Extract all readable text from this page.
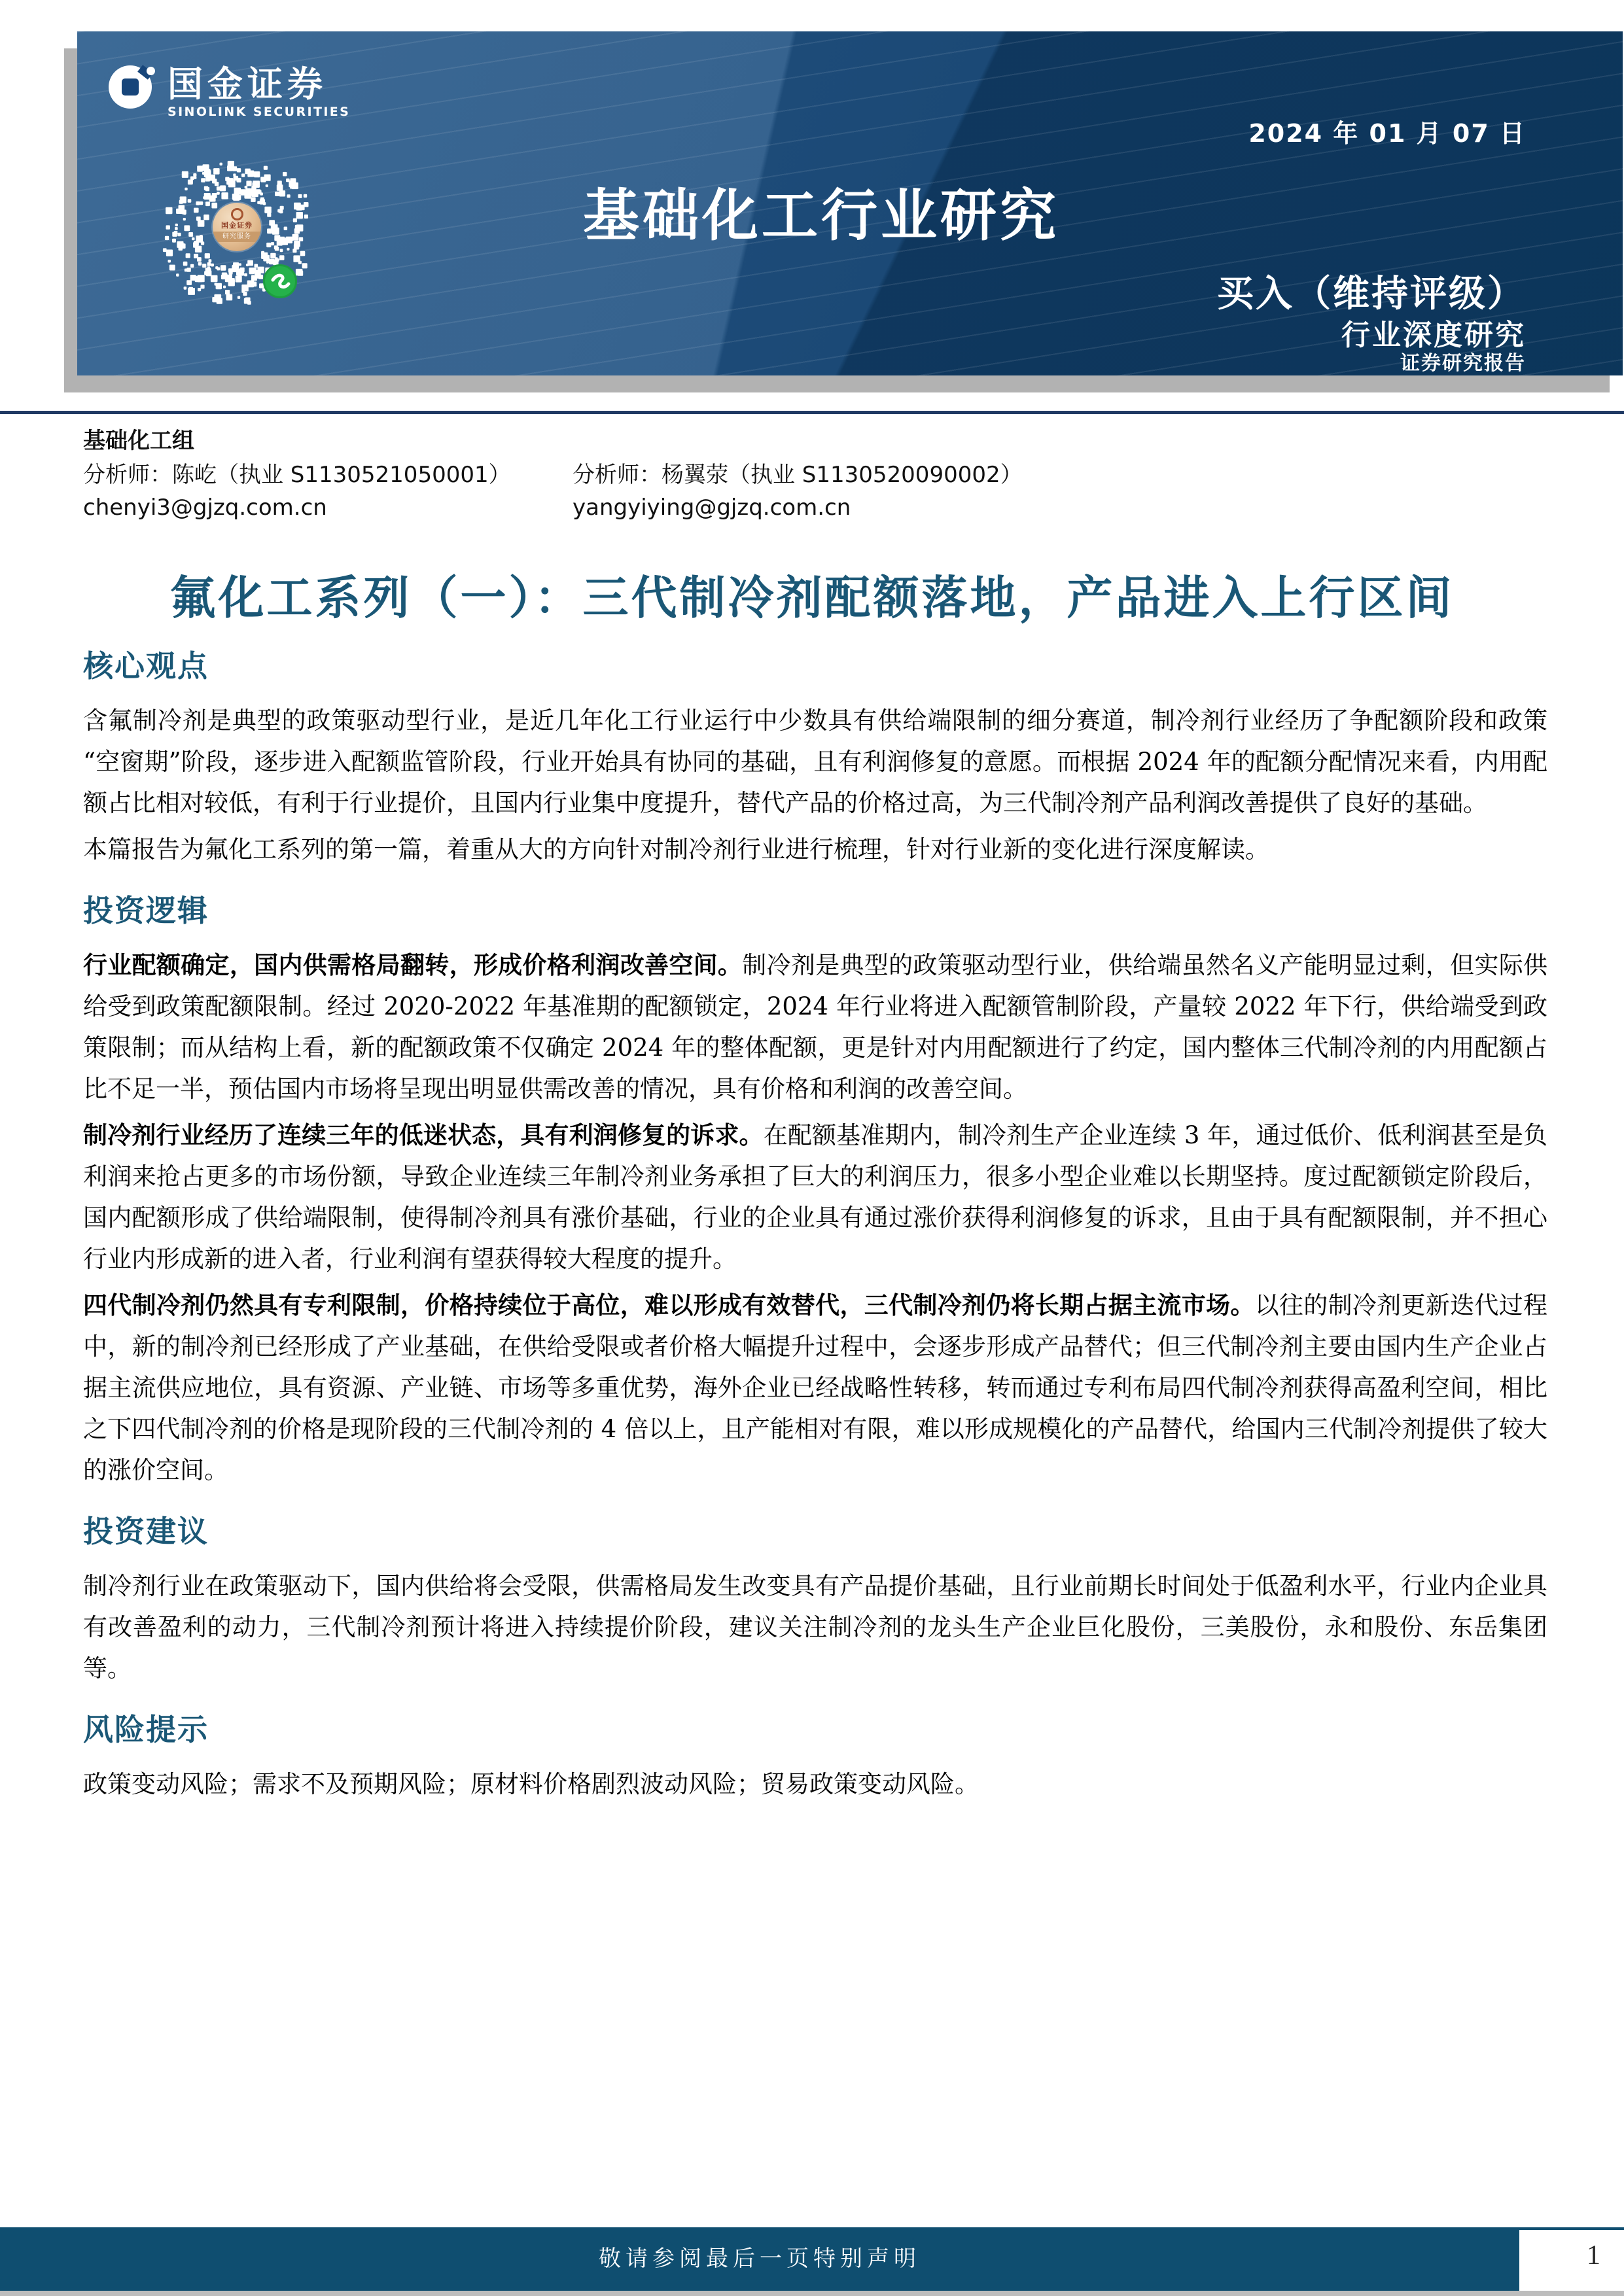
国金证券
SINOLINK SECURITIES
国金证券
研究服务	基础化工行业研究
2024 年 01 月 07 日
买入（维持评级）
行业深度研究
证券研究报告
基础化工组
分析师：陈屹（执业 S1130521050001）	分析师：杨翼荥（执业 S1130520090002）
chenyi3@gjzq.com.cn	yangyiying@gjzq.com.cn
氟化工系列（一）：三代制冷剂配额落地，产品进入上行区间
核心观点

含氟制冷剂是典型的政策驱动型行业，是近几年化工行业运行中少数具有供给端限制的细分赛道，制冷剂行业经历了争配额阶段和政策“空窗期”阶段，逐步进入配额监管阶段，行业开始具有协同的基础，且有利润修复的意愿。而根据 2024 年的配额分配情况来看，内用配额占比相对较低，有利于行业提价，且国内行业集中度提升，替代产品的价格过高，为三代制冷剂产品利润改善提供了良好的基础。

本篇报告为氟化工系列的第一篇，着重从大的方向针对制冷剂行业进行梳理，针对行业新的变化进行深度解读。

投资逻辑

行业配额确定，国内供需格局翻转，形成价格利润改善空间。制冷剂是典型的政策驱动型行业，供给端虽然名义产能明显过剩，但实际供给受到政策配额限制。经过 2020-2022 年基准期的配额锁定，2024 年行业将进入配额管制阶段，产量较 2022 年下行，供给端受到政策限制；而从结构上看，新的配额政策不仅确定 2024 年的整体配额，更是针对内用配额进行了约定，国内整体三代制冷剂的内用配额占比不足一半，预估国内市场将呈现出明显供需改善的情况，具有价格和利润的改善空间。

制冷剂行业经历了连续三年的低迷状态，具有利润修复的诉求。在配额基准期内，制冷剂生产企业连续 3 年，通过低价、低利润甚至是负利润来抢占更多的市场份额，导致企业连续三年制冷剂业务承担了巨大的利润压力，很多小型企业难以长期坚持。度过配额锁定阶段后，国内配额形成了供给端限制，使得制冷剂具有涨价基础，行业的企业具有通过涨价获得利润修复的诉求，且由于具有配额限制，并不担心行业内形成新的进入者，行业利润有望获得较大程度的提升。

四代制冷剂仍然具有专利限制，价格持续位于高位，难以形成有效替代，三代制冷剂仍将长期占据主流市场。以往的制冷剂更新迭代过程中，新的制冷剂已经形成了产业基础，在供给受限或者价格大幅提升过程中，会逐步形成产品替代；但三代制冷剂主要由国内生产企业占据主流供应地位，具有资源、产业链、市场等多重优势，海外企业已经战略性转移，转而通过专利布局四代制冷剂获得高盈利空间，相比之下四代制冷剂的价格是现阶段的三代制冷剂的 4 倍以上，且产能相对有限，难以形成规模化的产品替代，给国内三代制冷剂提供了较大的涨价空间。

投资建议

制冷剂行业在政策驱动下，国内供给将会受限，供需格局发生改变具有产品提价基础，且行业前期长时间处于低盈利水平，行业内企业具有改善盈利的动力，三代制冷剂预计将进入持续提价阶段，建议关注制冷剂的龙头生产企业巨化股份，三美股份，永和股份、东岳集团等。

风险提示

政策变动风险；需求不及预期风险；原材料价格剧烈波动风险；贸易政策变动风险。

敬请参阅最后一页特别声明	1
